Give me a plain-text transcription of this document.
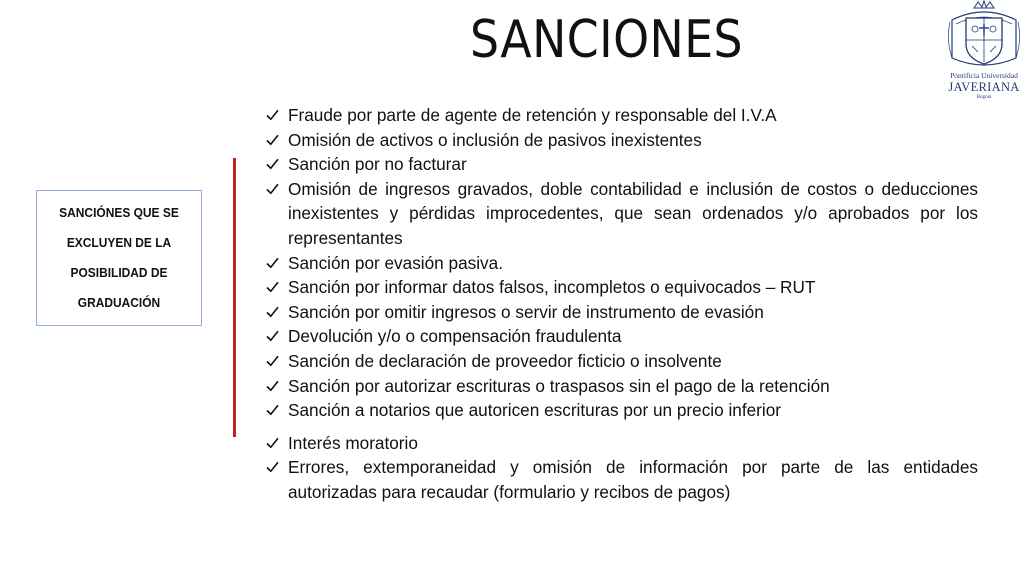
SANCIONES
Pontificia Universidad
JAVERIANA
Bogotá
SANCIÓNES QUE SE EXCLUYEN DE LA POSIBILIDAD DE GRADUACIÓN
Fraude por parte de agente de retención y responsable del I.V.A
Omisión de activos o inclusión de pasivos inexistentes
Sanción por no facturar
Omisión de ingresos gravados, doble contabilidad e inclusión de costos o deducciones inexistentes y pérdidas improcedentes, que sean ordenados y/o aprobados por los representantes
Sanción por evasión pasiva.
Sanción por informar datos falsos, incompletos o equivocados – RUT
Sanción por omitir ingresos o servir de instrumento de evasión
Devolución y/o o compensación fraudulenta
Sanción de declaración de proveedor ficticio o insolvente
Sanción por autorizar escrituras o traspasos sin el pago de la retención
Sanción a notarios que autoricen escrituras por un precio inferior
Interés moratorio
Errores, extemporaneidad y omisión de información por parte de las entidades autorizadas para recaudar (formulario y recibos de pagos)
